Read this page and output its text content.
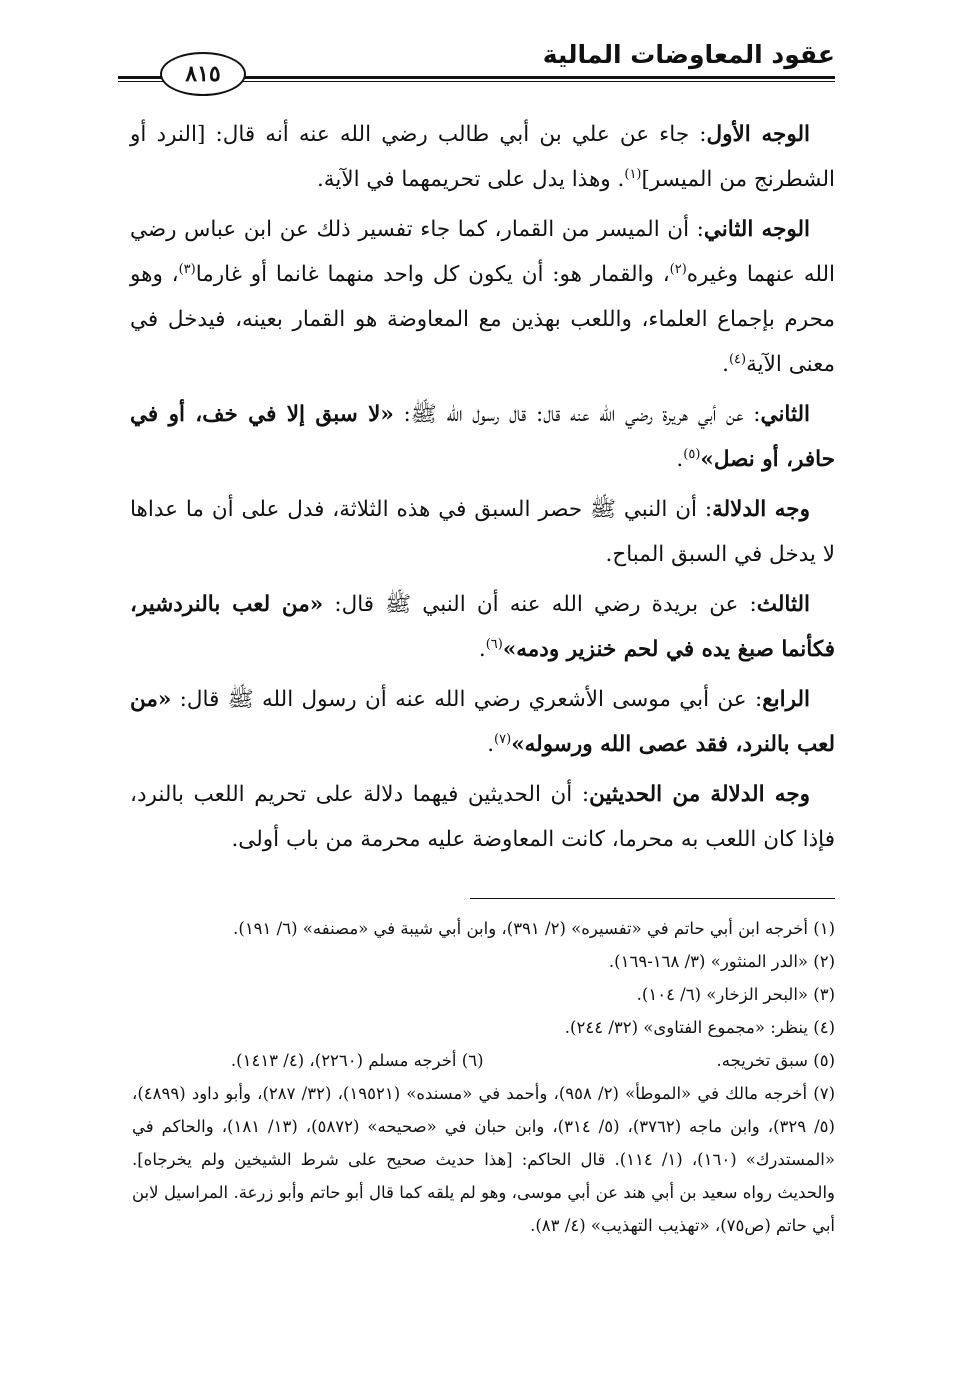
عقود المعاوضات المالية
٨١٥

الوجه الأول: جاء عن علي بن أبي طالب رضي الله عنه أنه قال: [النرد أو الشطرنج من الميسر]$^{(١)}$. وهذا يدل على تحريمهما في الآية.

الوجه الثاني: أن الميسر من القمار، كما جاء تفسير ذلك عن ابن عباس رضي الله عنهما وغيره$^{(٢)}$، والقمار هو: أن يكون كل واحد منهما غانما أو غارما$^{(٣)}$، وهو محرم بإجماع العلماء، واللعب بهذين مع المعاوضة هو القمار بعينه، فيدخل في معنى الآية$^{(٤)}$.

الثاني: عن أبي هريرة رضي الله عنه قال: قال رسول الله ﷺ: «لا سبق إلا في خف، أو في حافر، أو نصل»$^{(٥)}$.

وجه الدلالة: أن النبي ﷺ حصر السبق في هذه الثلاثة، فدل على أن ما عداها لا يدخل في السبق المباح.

الثالث: عن بريدة رضي الله عنه أن النبي ﷺ قال: «من لعب بالنردشير، فكأنما صبغ يده في لحم خنزير ودمه»$^{(٦)}$.

الرابع: عن أبي موسى الأشعري رضي الله عنه أن رسول الله ﷺ قال: «من لعب بالنرد، فقد عصى الله ورسوله»$^{(٧)}$.

وجه الدلالة من الحديثين: أن الحديثين فيهما دلالة على تحريم اللعب بالنرد، فإذا كان اللعب به محرما، كانت المعاوضة عليه محرمة من باب أولى.

(١) أخرجه ابن أبي حاتم في «تفسيره» (٢/ ٣٩١)، وابن أبي شيبة في «مصنفه» (٦/ ١٩١).

(٢) «الدر المنثور» (٣/ ١٦٨-١٦٩).

(٣) «البحر الزخار» (٦/ ١٠٤).

(٤) ينظر: «مجموع الفتاوى» (٣٢/ ٢٤٤).

(٥) سبق تخريجه.

(٦) أخرجه مسلم (٢٢٦٠)، (٤/ ١٤١٣).

(٧) أخرجه مالك في «الموطأ» (٢/ ٩٥٨)، وأحمد في «مسنده» (١٩٥٢١)، (٣٢/ ٢٨٧)، وأبو داود (٤٨٩٩)، (٥/ ٣٢٩)، وابن ماجه (٣٧٦٢)، (٥/ ٣١٤)، وابن حبان في «صحيحه» (٥٨٧٢)، (١٣/ ١٨١)، والحاكم في «المستدرك» (١٦٠)، (١/ ١١٤). قال الحاكم: [هذا حديث صحيح على شرط الشيخين ولم يخرجاه]. والحديث رواه سعيد بن أبي هند عن أبي موسى، وهو لم يلقه كما قال أبو حاتم وأبو زرعة. المراسيل لابن أبي حاتم (ص٧٥)، «تهذيب التهذيب» (٤/ ٨٣).
